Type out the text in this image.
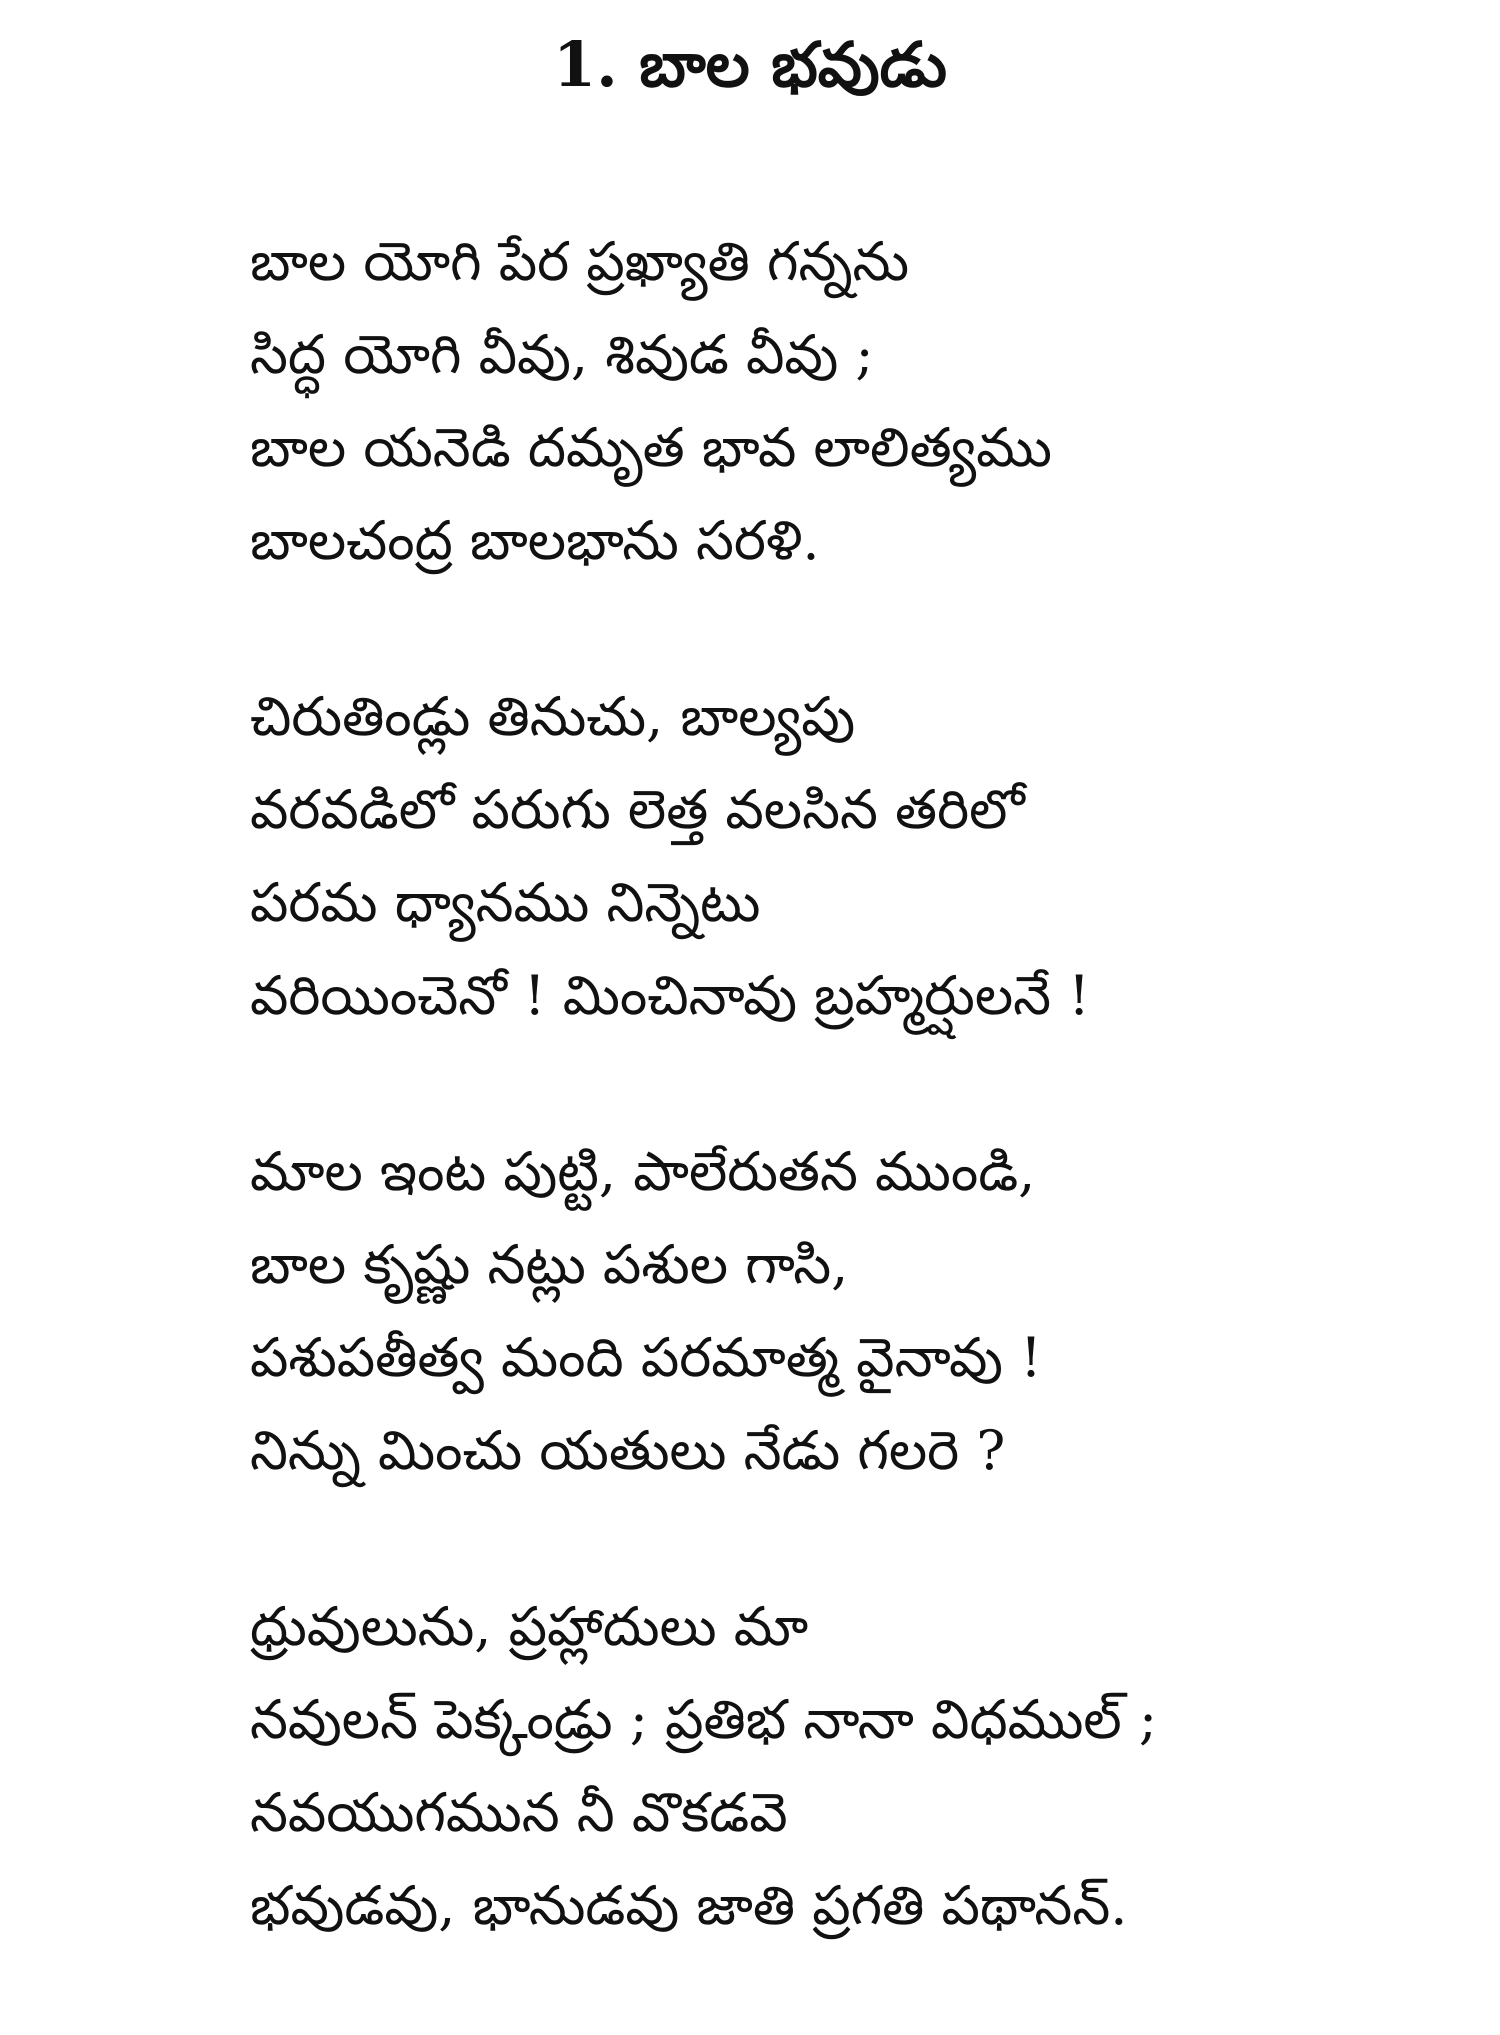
1. బాల భవుడు
బాల యోగి పేర ప్రఖ్యాతి గన్నను
సిద్ధ యోగి వీవు, శివుడ వీవు ;
బాల యనెడి దమృత భావ లాలిత్యము
బాలచంద్ర బాలభాను సరళి.
చిరుతిండ్లు తినుచు, బాల్యపు
వరవడిలో పరుగు లెత్త వలసిన తరిలో
పరమ ధ్యానము నిన్నెటు
వరియించెనో ! మించినావు బ్రహ్మర్షులనే !
మాల ఇంట పుట్టి, పాలేరుతన ముండి,
బాల కృష్ణు నట్లు పశుల గాసి,
పశుపతీత్వ మంది పరమాత్మ వైనావు !
నిన్ను మించు యతులు నేడు గలరె ?
ధ్రువులును, ప్రహ్లాదులు మా
నవులన్ పెక్కండ్రు ; ప్రతిభ నానా విధముల్ ;
నవయుగమున నీ వొకడవె
భవుడవు, భానుడవు జాతి ప్రగతి పథానన్.
